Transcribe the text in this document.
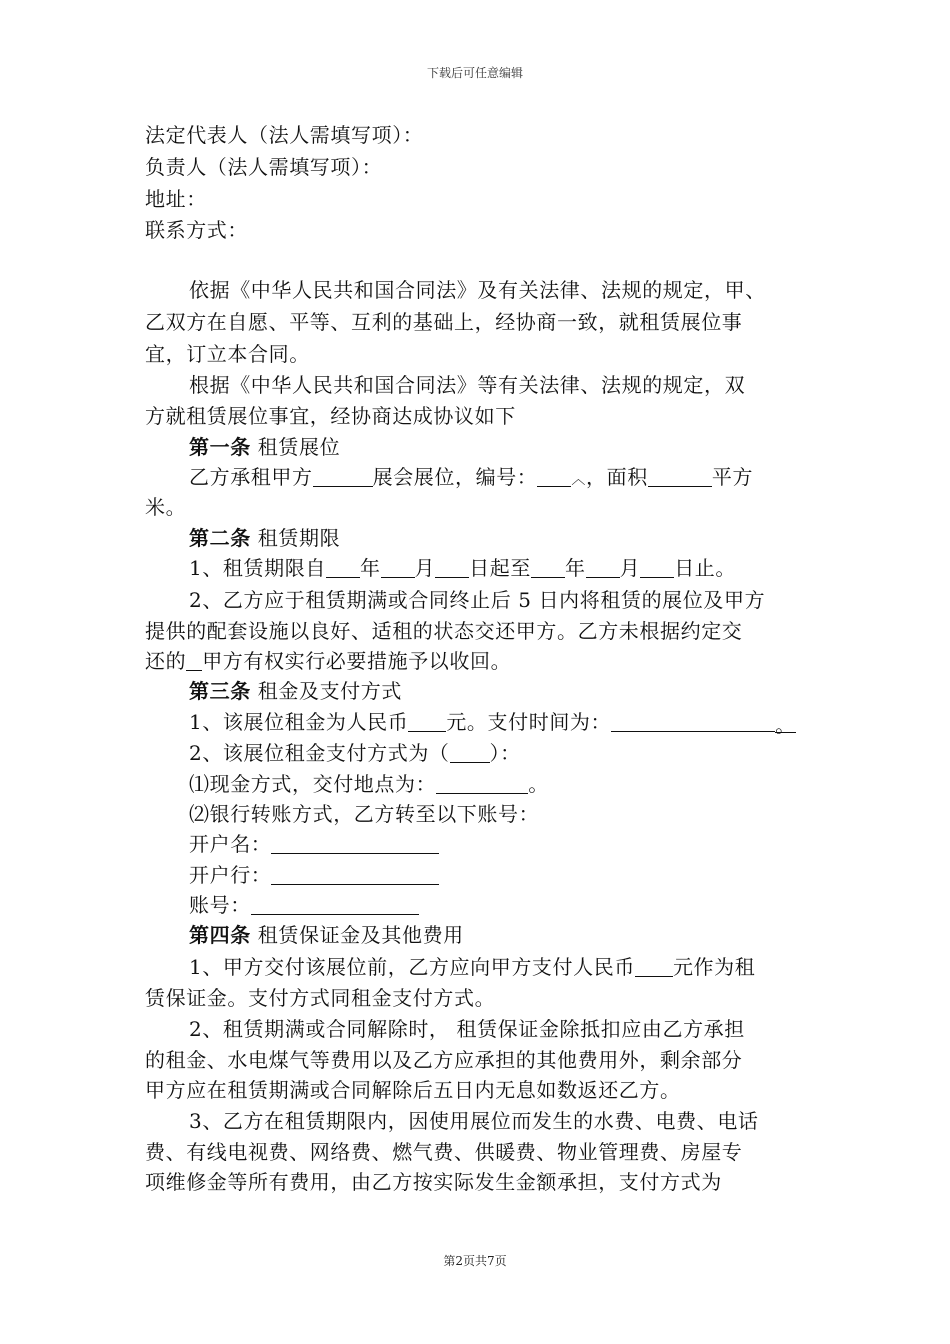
下载后可任意编辑
法定代表人（法人需填写项）：
负责人（法人需填写项）：
地址：
联系方式：
依据《中华人民共和国合同法》及有关法律、法规的规定，甲、
乙双方在自愿、平等、互利的基础上，经协商一致，就租赁展位事
宜，订立本合同。
根据《中华人民共和国合同法》等有关法律、法规的规定，双
方就租赁展位事宜，经协商达成协议如下
第一条 租赁展位
乙方承租甲方	展会展位，编号： ︿，面积	平方
米。
第二条 租赁期限
1、租赁期限自 年 月 日起至 年 月 日止。
2、乙方应于租赁期满或合同终止后 5 日内将租赁的展位及甲方
提供的配套设施以良好、适租的状态交还甲方。乙方未根据约定交
还的 甲方有权实行必要措施予以收回。
第三条 租金及支付方式
1、该展位租金为人民币 元。支付时间为：	。
2、该展位租金支付方式为（ ）：
⑴现金方式，交付地点为：	。
⑵银行转账方式，乙方转至以下账号：
开户名：
开户行：
账号：
第四条 租赁保证金及其他费用
1、甲方交付该展位前，乙方应向甲方支付人民币 元作为租
赁保证金。支付方式同租金支付方式。
2、租赁期满或合同解除时， 租赁保证金除抵扣应由乙方承担
的租金、水电煤气等费用以及乙方应承担的其他费用外，剩余部分
甲方应在租赁期满或合同解除后五日内无息如数返还乙方。
3、乙方在租赁期限内，因使用展位而发生的水费、电费、电话
费、有线电视费、网络费、燃气费、供暖费、物业管理费、房屋专
项维修金等所有费用，由乙方按实际发生金额承担，支付方式为
第2页共7页
